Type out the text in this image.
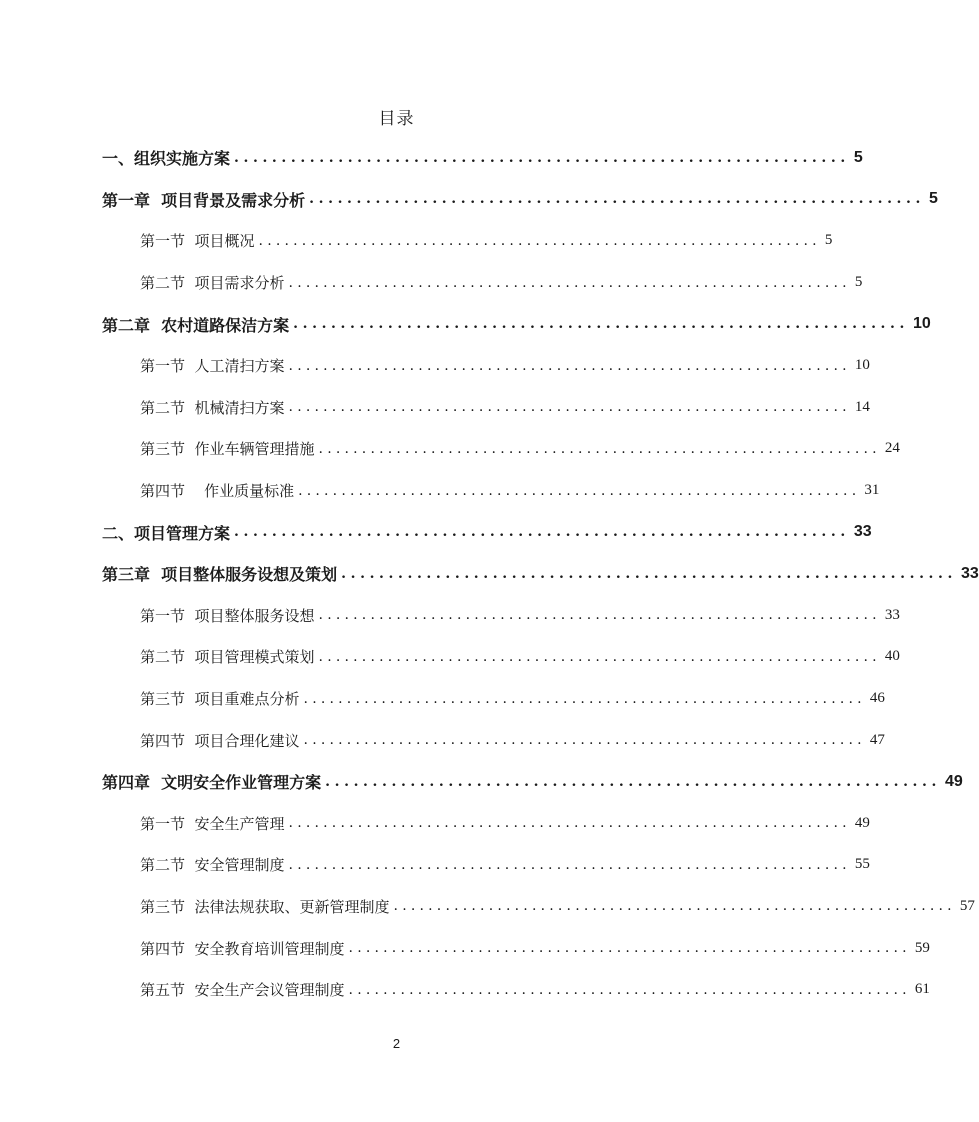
目录
一、组织实施方案 ................................................................. 5
第一章  项目背景及需求分析 ................................................................. 5
第一节  项目概况 ................................................................. 5
第二节  项目需求分析 ................................................................. 5
第二章  农村道路保洁方案 ................................................................. 10
第一节  人工清扫方案 ................................................................. 10
第二节  机械清扫方案 ................................................................. 14
第三节  作业车辆管理措施 ................................................................. 24
第四节    作业质量标准 ................................................................. 31
二、项目管理方案 ................................................................. 33
第三章  项目整体服务设想及策划 ................................................................. 33
第一节  项目整体服务设想 ................................................................. 33
第二节  项目管理模式策划 ................................................................. 40
第三节  项目重难点分析 ................................................................. 46
第四节  项目合理化建议 ................................................................. 47
第四章  文明安全作业管理方案 ................................................................. 49
第一节  安全生产管理 ................................................................. 49
第二节  安全管理制度 ................................................................. 55
第三节  法律法规获取、更新管理制度 ................................................................. 57
第四节  安全教育培训管理制度 ................................................................. 59
第五节  安全生产会议管理制度 ................................................................. 61
2
